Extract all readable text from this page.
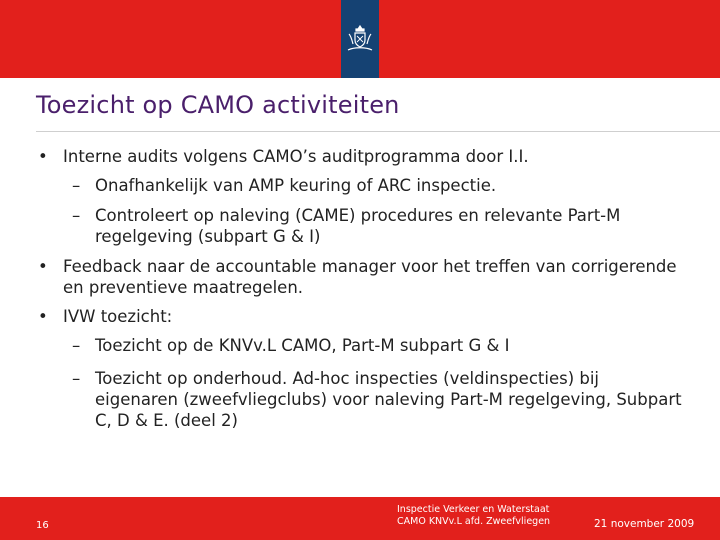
Toezicht op CAMO activiteiten
• Interne audits volgens CAMO’s auditprogramma door I.I.
– Onafhankelijk van AMP keuring of ARC inspectie.
– Controleert op naleving (CAME) procedures en relevante Part-M regelgeving (subpart G & I)
• Feedback naar de accountable manager voor het treffen van corrigerende en preventieve maatregelen.
• IVW toezicht:
– Toezicht op de KNVv.L CAMO, Part-M subpart G & I
– Toezicht op onderhoud. Ad-hoc inspecties (veldinspecties) bij eigenaren (zweefvliegclubs) voor naleving Part-M regelgeving, Subpart C, D & E. (deel 2)
16
Inspectie Verkeer en Waterstaat
CAMO KNVv.L afd. Zweefvliegen	21 november 2009
